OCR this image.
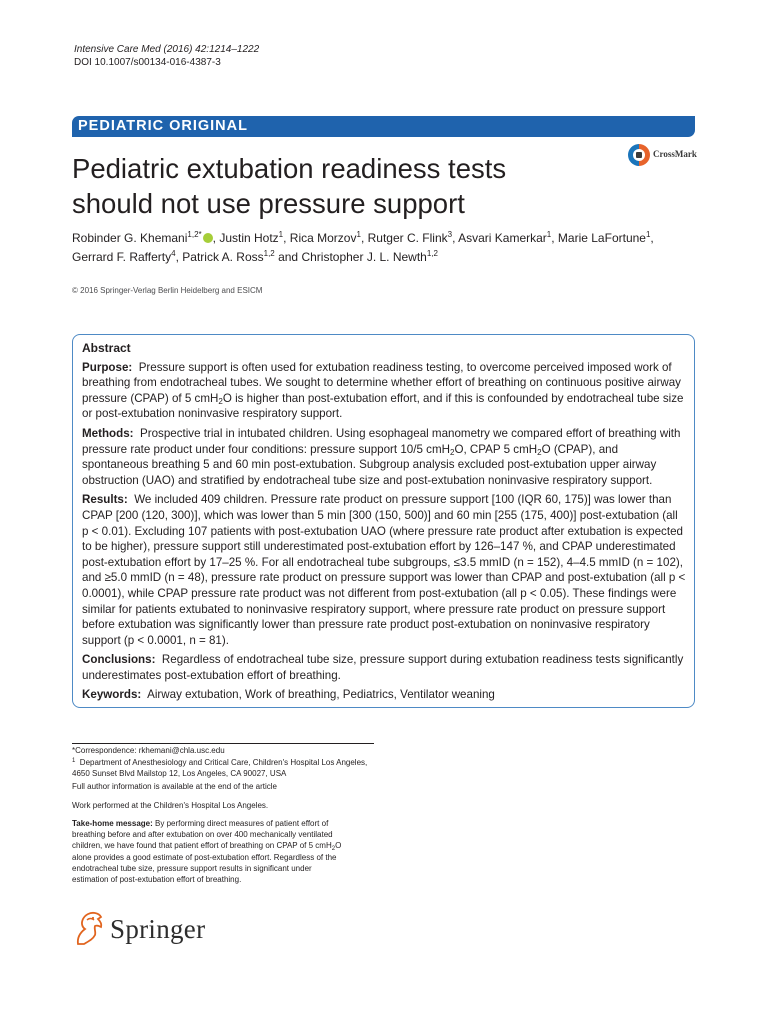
Intensive Care Med (2016) 42:1214–1222
DOI 10.1007/s00134-016-4387-3
PEDIATRIC ORIGINAL
Pediatric extubation readiness tests
should not use pressure support
CrossMark
Robinder G. Khemani$^{1,2*}$ , Justin Hotz$^1$, Rica Morzov$^1$, Rutger C. Flink$^3$, Asvari Kamerkar$^1$, Marie LaFortune$^1$,
Gerrard F. Rafferty$^4$, Patrick A. Ross$^{1,2}$ and Christopher J. L. Newth$^{1,2}$
© 2016 Springer-Verlag Berlin Heidelberg and ESICM
Abstract

Purpose: Pressure support is often used for extubation readiness testing, to overcome perceived imposed work of breathing from endotracheal tubes. We sought to determine whether effort of breathing on continuous positive airway pressure (CPAP) of 5 cmH$_2$O is higher than post-extubation effort, and if this is confounded by endotracheal tube size or post-extubation noninvasive respiratory support.

Methods: Prospective trial in intubated children. Using esophageal manometry we compared effort of breathing with pressure rate product under four conditions: pressure support 10/5 cmH$_2$O, CPAP 5 cmH$_2$O (CPAP), and spontaneous breathing 5 and 60 min post-extubation. Subgroup analysis excluded post-extubation upper airway obstruction (UAO) and stratified by endotracheal tube size and post-extubation noninvasive respiratory support.

Results: We included 409 children. Pressure rate product on pressure support [100 (IQR 60, 175)] was lower than CPAP [200 (120, 300)], which was lower than 5 min [300 (150, 500)] and 60 min [255 (175, 400)] post-extubation (all p < 0.01). Excluding 107 patients with post-extubation UAO (where pressure rate product after extubation is expected to be higher), pressure support still underestimated post-extubation effort by 126–147 %, and CPAP underestimated post-extubation effort by 17–25 %. For all endotracheal tube subgroups, ≤3.5 mmID (n = 152), 4–4.5 mmID (n = 102), and ≥5.0 mmID (n = 48), pressure rate product on pressure support was lower than CPAP and post-extubation (all p < 0.0001), while CPAP pressure rate product was not different from post-extubation (all p < 0.05). These findings were similar for patients extubated to noninvasive respiratory support, where pressure rate product on pressure support before extubation was significantly lower than pressure rate product post-extubation on noninvasive respiratory support (p < 0.0001, n = 81).

Conclusions: Regardless of endotracheal tube size, pressure support during extubation readiness tests significantly underestimates post-extubation effort of breathing.

Keywords: Airway extubation, Work of breathing, Pediatrics, Ventilator weaning

*Correspondence: rkhemani@chla.usc.edu
$^1$ Department of Anesthesiology and Critical Care, Children's Hospital Los Angeles, 4650 Sunset Blvd Mailstop 12, Los Angeles, CA 90027, USA
Full author information is available at the end of the article
Work performed at the Children's Hospital Los Angeles.
Take-home message: By performing direct measures of patient effort of breathing before and after extubation on over 400 mechanically ventilated children, we have found that patient effort of breathing on CPAP of 5 cmH$_2$O alone provides a good estimate of post-extubation effort. Regardless of the endotracheal tube size, pressure support results in significant under estimation of post-extubation effort of breathing.
Springer
